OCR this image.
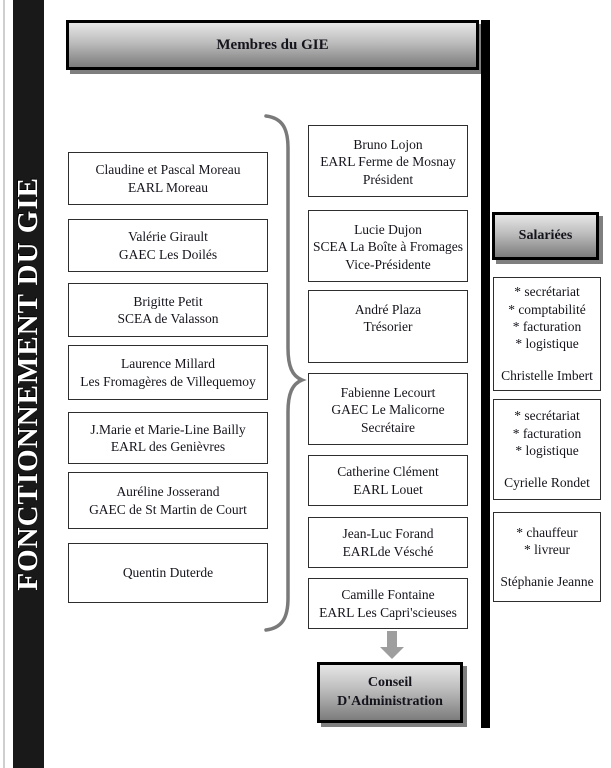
FONCTIONNEMENT DU GIE
Membres du GIE
Claudine et Pascal Moreau
EARL Moreau
Valérie Girault
GAEC Les Doilés
Brigitte Petit
SCEA de Valasson
Laurence Millard
Les Fromagères de Villequemoy
J.Marie et Marie-Line Bailly
EARL des Genièvres
Auréline Josserand
GAEC de St Martin de Court
Quentin Duterde
Bruno Lojon
EARL Ferme de Mosnay
Président
Lucie Dujon
SCEA La Boîte à Fromages
Vice-Présidente
André Plaza
Trésorier
Fabienne Lecourt
GAEC Le Malicorne
Secrétaire
Catherine Clément
EARL Louet
Jean-Luc Forand
EARLde Vésché
Camille Fontaine
EARL Les Capri'scieuses
Conseil
D'Administration
Salariées
* secrétariat
* comptabilité
* facturation
* logistique
Christelle Imbert
* secrétariat
* facturation
* logistique
Cyrielle Rondet
* chauffeur
* livreur
Stéphanie Jeanne
